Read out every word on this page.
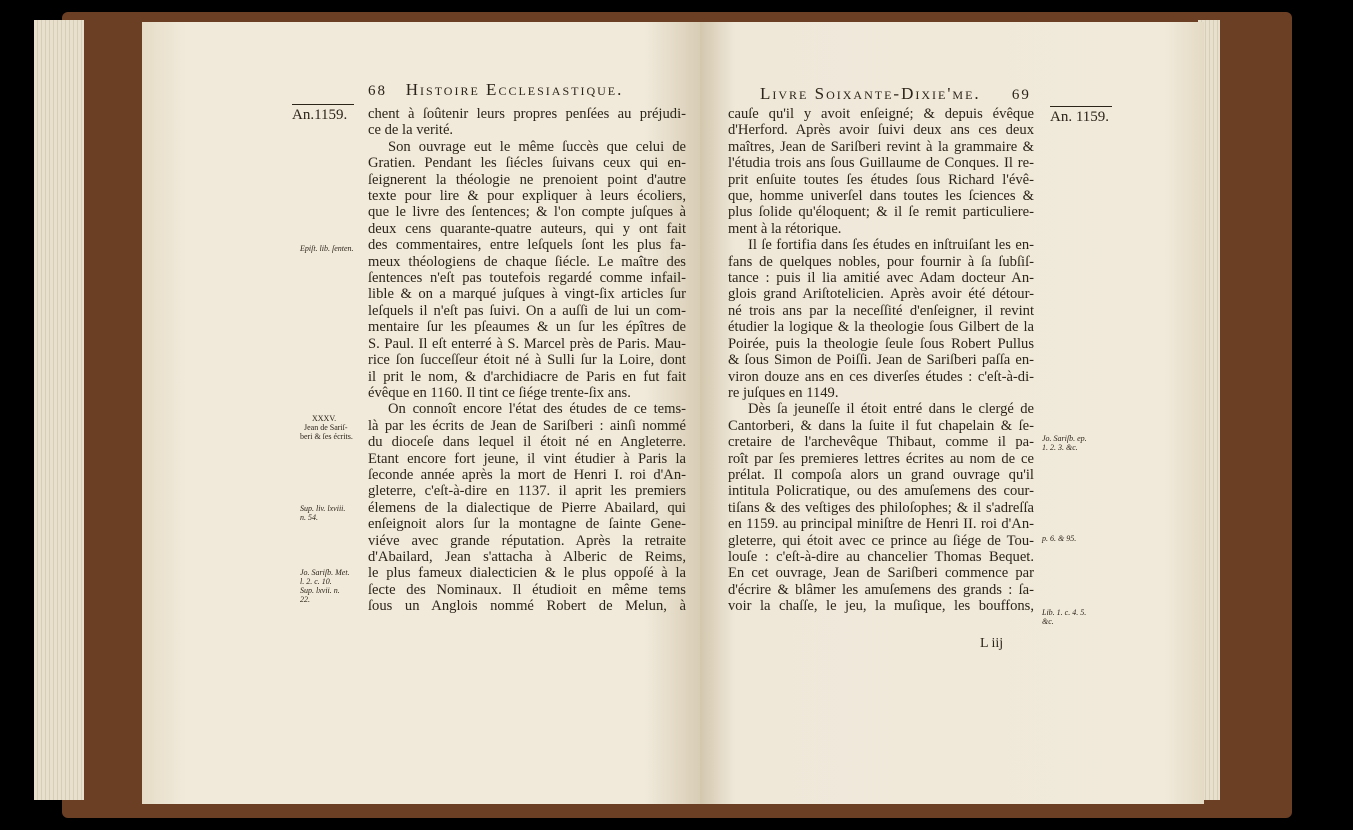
68 Histoire Ecclesiastique.
An.1159.
Epiſt. lib. ſenten.
XXXV.
Jean de Sariſ-
beri & ſes écrits.
Sup. liv. lxviii.
n. 54.
Jo. Sariſb. Met.
l. 2. c. 10.
Sup. lxvii. n.
22.
chent à ſoûtenir leurs propres penſées au préjudi-
ce de la verité.
Son ouvrage eut le même ſuccès que celui de
Gratien. Pendant les ſiécles ſuivans ceux qui en-
ſeignerent la théologie ne prenoient point d'autre
texte pour lire & pour expliquer à leurs écoliers,
que le livre des ſentences; & l'on compte juſques à
deux cens quarante-quatre auteurs, qui y ont fait
des commentaires, entre leſquels ſont les plus fa-
meux théologiens de chaque ſiécle. Le maître des
ſentences n'eſt pas toutefois regardé comme infail-
lible & on a marqué juſques à vingt-ſix articles ſur
leſquels il n'eſt pas ſuivi. On a auſſi de lui un com-
mentaire ſur les pſeaumes & un ſur les épîtres de
S. Paul. Il eſt enterré à S. Marcel près de Paris. Mau-
rice ſon ſucceſſeur étoit né à Sulli ſur la Loire, dont
il prit le nom, & d'archidiacre de Paris en fut fait
évêque en 1160. Il tint ce ſiége trente-ſix ans.
On connoît encore l'état des études de ce tems-
là par les écrits de Jean de Sariſberi : ainſi nommé
du dioceſe dans lequel il étoit né en Angleterre.
Etant encore fort jeune, il vint étudier à Paris la
ſeconde année après la mort de Henri I. roi d'An-
gleterre, c'eſt-à-dire en 1137. il aprit les premiers
élemens de la dialectique de Pierre Abailard, qui
enſeignoit alors ſur la montagne de ſainte Gene-
viéve avec grande réputation. Après la retraite
d'Abailard, Jean s'attacha à Alberic de Reims,
le plus fameux dialecticien & le plus oppoſé à la
ſecte des Nominaux. Il étudioit en même tems
ſous un Anglois nommé Robert de Melun, à
Livre Soixante-Dixie'me. 69
An. 1159.
Jo. Sariſb. ep.
1. 2. 3. &c.
p. 6. & 95.
Lib. 1. c. 4. 5.
&c.
cauſe qu'il y avoit enſeigné; & depuis évêque
d'Herford. Après avoir ſuivi deux ans ces deux
maîtres, Jean de Sariſberi revint à la grammaire &
l'étudia trois ans ſous Guillaume de Conques. Il re-
prit enſuite toutes ſes études ſous Richard l'évê-
que, homme univerſel dans toutes les ſciences &
plus ſolide qu'éloquent; & il ſe remit particuliere-
ment à la rétorique.
Il ſe fortifia dans ſes études en inſtruiſant les en-
fans de quelques nobles, pour fournir à ſa ſubſiſ-
tance : puis il lia amitié avec Adam docteur An-
glois grand Ariſtotelicien. Après avoir été détour-
né trois ans par la neceſſité d'enſeigner, il revint
étudier la logique & la theologie ſous Gilbert de la
Poirée, puis la theologie ſeule ſous Robert Pullus
& ſous Simon de Poiſſi. Jean de Sariſberi paſſa en-
viron douze ans en ces diverſes études : c'eſt-à-di-
re juſques en 1149.
Dès ſa jeuneſſe il étoit entré dans le clergé de
Cantorberi, & dans la ſuite il fut chapelain & ſe-
cretaire de l'archevêque Thibaut, comme il pa-
roît par ſes premieres lettres écrites au nom de ce
prélat. Il compoſa alors un grand ouvrage qu'il
intitula Policratique, ou des amuſemens des cour-
tiſans & des veſtiges des philoſophes; & il s'adreſſa
en 1159. au principal miniſtre de Henri II. roi d'An-
gleterre, qui étoit avec ce prince au ſiége de Tou-
louſe : c'eſt-à-dire au chancelier Thomas Bequet.
En cet ouvrage, Jean de Sariſberi commence par
d'écrire & blâmer les amuſemens des grands : ſa-
voir la chaſſe, le jeu, la muſique, les bouffons,
L iij
